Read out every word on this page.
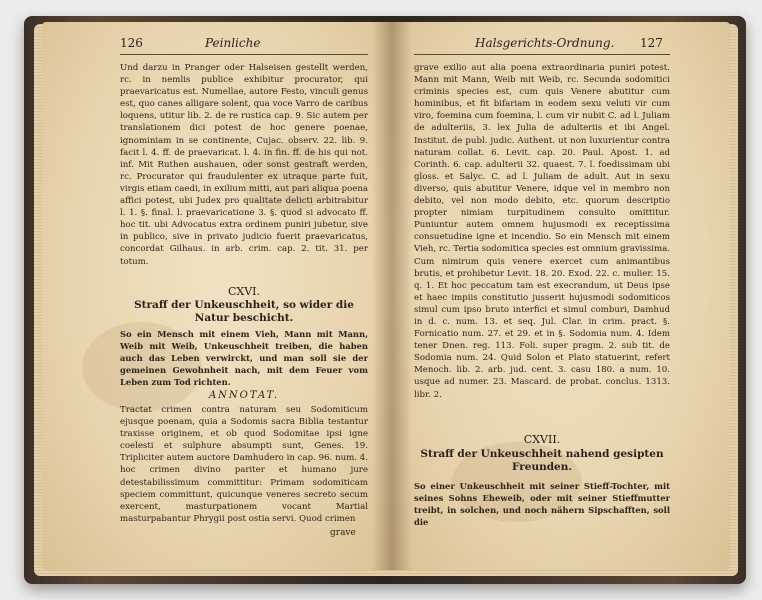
126	Peinliche

Und darzu in Pranger oder Halseisen gestellt werden, rc. in nemlis publice exhibitur procurator, qui praevaricatus est. Numellae, autore Festo, vinculi genus est, quo canes alligare solent, qua voce Varro de caribus loquens, utitur lib. 2. de re rustica cap. 9. Sic autem per translationem dici potest de hoc genere poenae, ignominiam in se continente, Cujac. observ. 22. lib. 9. facit l. 4. ff. de praevaricat. l. 4. in fin. ff. de his qui not. inf. Mit Ruthen aushauen, oder sonst gestraft werden, rc. Procurator qui fraudulenter ex utraque parte fuit, virgis etiam caedi, in exilium mitti, aut pari aliqua poena affici potest, ubi Judex pro qualitate delicti arbitrabitur l. 1. §. final. l. praevaricatione 3. §. quod si advocato ff. hoc tit. ubi Advocatus extra ordinem puniri jubetur, sive in publico, sive in privato judicio fuerit praevaricatus, concordat Gilhaus. in arb. crim. cap. 2. tit. 31. per totum.

CXVI.
Straff der Unkeuschheit, so wider die Natur beschicht.

So ein Mensch mit einem Vieh, Mann mit Mann, Weib mit Weib, Unkeuschheit treiben, die haben auch das Leben verwirckt, und man soll sie der gemeinen Gewohnheit nach, mit dem Feuer vom Leben zum Tod richten.

ANNOTAT.

Tractat crimen contra naturam seu Sodomiticum ejusque poenam, quia a Sodomis sacra Biblia testantur traxisse originem, et ob quod Sodomitae ipsi igne coelesti et sulphure absumpti sunt, Genes. 19. Tripliciter autem auctore Damhudero in cap. 96. num. 4. hoc crimen divino pariter et humano jure detestabilissimum committitur: Primam sodomiticam speciem committunt, quicunque veneres secreto secum exercent, masturpationem vocant Martial masturpabantur Phrygii post ostia servi. Quod crimen

grave
Halsgerichts-Ordnung. 127

grave exilio aut alia poena extraordinaria puniri potest. Mann mit Mann, Weib mit Weib, rc. Secunda sodomitici criminis species est, cum quis Venere abutitur cum hominibus, et fit bifariam in eodem sexu veluti vir cum viro, foemina cum foemina, l. cum vir nubit C. ad l. Juliam de adulteriis, 3. lex Julia de adulteriis et ibi Angel. Institut. de publ. judic. Authent. ut non luxurientur contra naturam collat. 6. Levit. cap. 20. Paul. Apost. 1. ad Corinth. 6. cap. adulterii 32. quaest. 7. l. foedissimam ubi gloss. et Salyc. C. ad l. Juliam de adult. Aut in sexu diverso, quis abutitur Venere, idque vel in membro non debito, vel non modo debito, etc. quorum descriptio propter nimiam turpitudinem consulto omittitur. Puniuntur autem omnem hujusmodi ex receptissima consuetudine igne et incendio. So ein Mensch mit einem Vieh, rc. Tertia sodomitica species est omnium gravissima. Cum nimirum quis venere exercet cum animantibus brutis, et prohibetur Levit. 18. 20. Exod. 22. c. mulier. 15. q. 1. Et hoc peccatum tam est execrandum, ut Deus ipse et haec impiis constitutio jusserit hujusmodi sodomiticos simul cum ipso bruto interfici et simul comburi, Damhud in d. c. num. 13. et seq. Jul. Clar. in crim. pract. §. Fornicatio num. 27. et 29. et in §. Sodomia num. 4. Idem tener Dnen. reg. 113. Foli. super pragm. 2. sub tit. de Sodomia num. 24. Quid Solon et Plato statuerint, refert Menoch. lib. 2. arb. jud. cent. 3. casu 180. a num. 10. usque ad numer. 23. Mascard. de probat. conclus. 1313. libr. 2.

CXVII.
Straff der Unkeuschheit nahend gesipten Freunden.

So einer Unkeuschheit mit seiner Stieff-Tochter, mit seines Sohns Eheweib, oder mit seiner Stieffmutter treibt, in solchen, und noch nähern Sipschafften, soll die
